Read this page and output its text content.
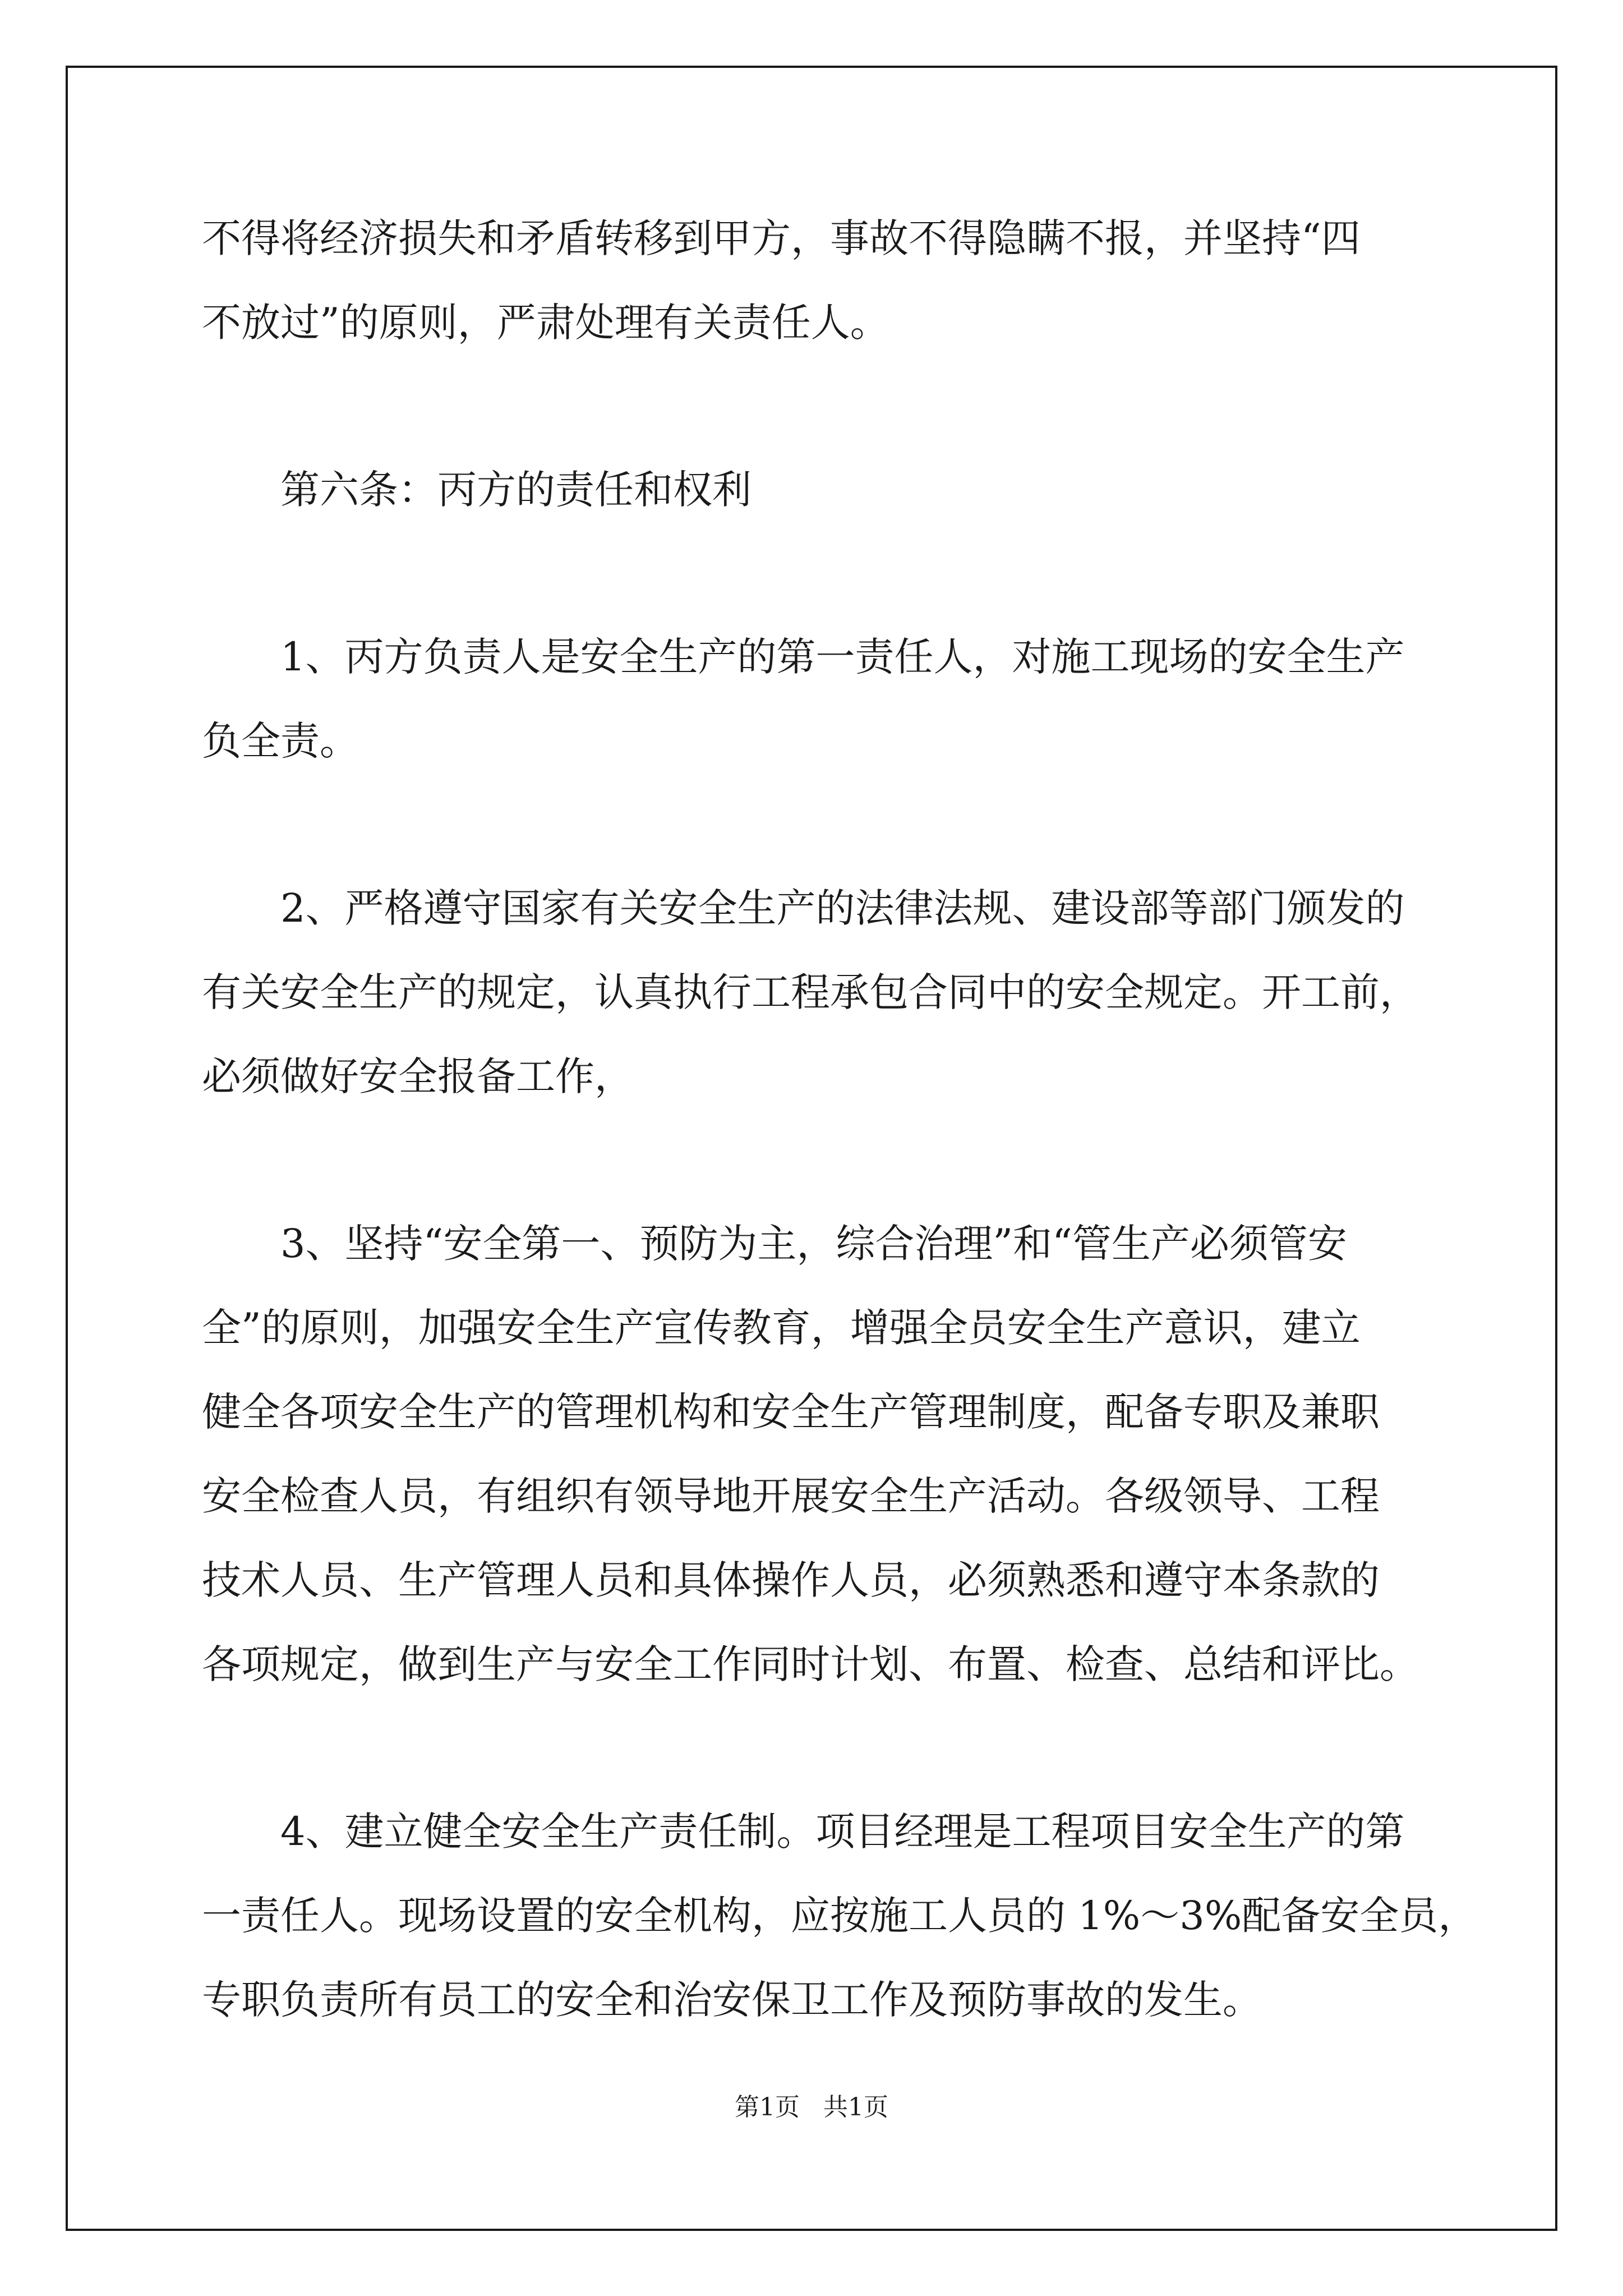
不得将经济损失和矛盾转移到甲方，事故不得隐瞒不报，并坚持“四
不放过”的原则，严肃处理有关责任人。
第六条：丙方的责任和权利
1、丙方负责人是安全生产的第一责任人，对施工现场的安全生产
负全责。
2、严格遵守国家有关安全生产的法律法规、建设部等部门颁发的
有关安全生产的规定，认真执行工程承包合同中的安全规定。开工前，
必须做好安全报备工作，
3、坚持“安全第一、预防为主，综合治理”和“管生产必须管安
全”的原则，加强安全生产宣传教育，增强全员安全生产意识，建立
健全各项安全生产的管理机构和安全生产管理制度，配备专职及兼职
安全检查人员，有组织有领导地开展安全生产活动。各级领导、工程
技术人员、生产管理人员和具体操作人员，必须熟悉和遵守本条款的
各项规定，做到生产与安全工作同时计划、布置、检查、总结和评比。
4、建立健全安全生产责任制。项目经理是工程项目安全生产的第
一责任人。现场设置的安全机构，应按施工人员的 1%～3%配备安全员，
专职负责所有员工的安全和治安保卫工作及预防事故的发生。
第1页   共1页
